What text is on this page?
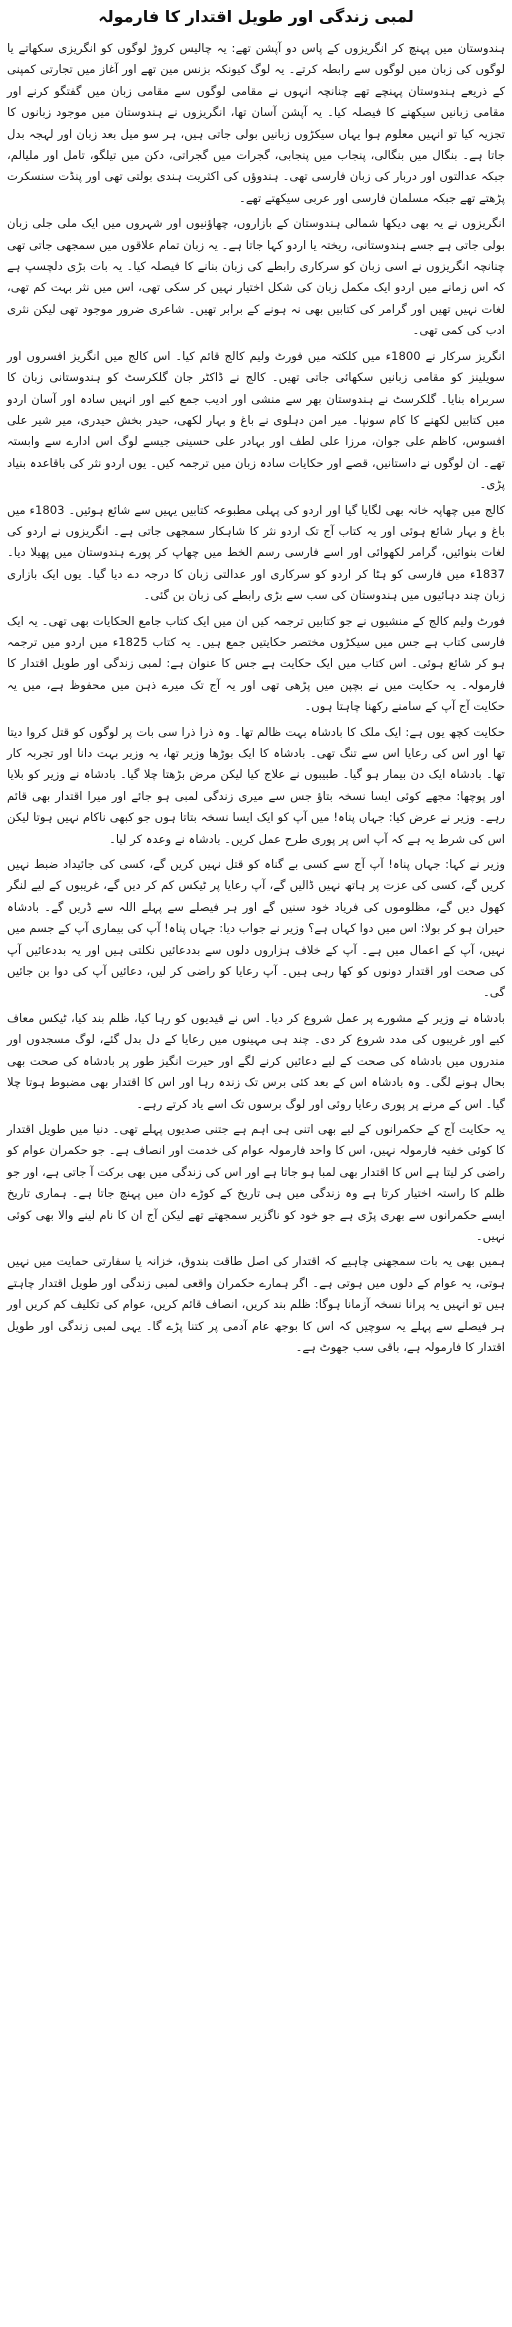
لمبی زندگی اور طویل اقتدار کا فارمولہ

ہندوستان میں پہنچ کر انگریزوں کے پاس دو آپشن تھے: یہ چالیس کروڑ لوگوں کو انگریزی سکھاتے یا لوگوں کی زبان میں لوگوں سے رابطہ کرتے۔ یہ لوگ کیونکہ بزنس مین تھے اور آغاز میں تجارتی کمپنی کے ذریعے ہندوستان پہنچے تھے چنانچہ انہوں نے مقامی لوگوں سے مقامی زبان میں گفتگو کرنے اور مقامی زبانیں سیکھنے کا فیصلہ کیا۔ یہ آپشن آسان تھا، انگریزوں نے ہندوستان میں موجود زبانوں کا تجزیہ کیا تو انہیں معلوم ہوا یہاں سیکڑوں زبانیں بولی جاتی ہیں، ہر سو میل بعد زبان اور لہجہ بدل جاتا ہے۔ بنگال میں بنگالی، پنجاب میں پنجابی، گجرات میں گجراتی، دکن میں تیلگو، تامل اور ملیالم، جبکہ عدالتوں اور دربار کی زبان فارسی تھی۔ ہندوؤں کی اکثریت ہندی بولتی تھی اور پنڈت سنسکرت پڑھتے تھے جبکہ مسلمان فارسی اور عربی سیکھتے تھے۔

انگریزوں نے یہ بھی دیکھا شمالی ہندوستان کے بازاروں، چھاؤنیوں اور شہروں میں ایک ملی جلی زبان بولی جاتی ہے جسے ہندوستانی، ریختہ یا اردو کہا جاتا ہے۔ یہ زبان تمام علاقوں میں سمجھی جاتی تھی چنانچہ انگریزوں نے اسی زبان کو سرکاری رابطے کی زبان بنانے کا فیصلہ کیا۔ یہ بات بڑی دلچسپ ہے کہ اس زمانے میں اردو ایک مکمل زبان کی شکل اختیار نہیں کر سکی تھی، اس میں نثر بہت کم تھی، لغات نہیں تھیں اور گرامر کی کتابیں بھی نہ ہونے کے برابر تھیں۔ شاعری ضرور موجود تھی لیکن نثری ادب کی کمی تھی۔

انگریز سرکار نے 1800ء میں کلکتہ میں فورٹ ولیم کالج قائم کیا۔ اس کالج میں انگریز افسروں اور سویلینز کو مقامی زبانیں سکھائی جاتی تھیں۔ کالج نے ڈاکٹر جان گلکرسٹ کو ہندوستانی زبان کا سربراہ بنایا۔ گلکرسٹ نے ہندوستان بھر سے منشی اور ادیب جمع کیے اور انہیں سادہ اور آسان اردو میں کتابیں لکھنے کا کام سونپا۔ میر امن دہلوی نے باغ و بہار لکھی، حیدر بخش حیدری، میر شیر علی افسوس، کاظم علی جوان، مرزا علی لطف اور بہادر علی حسینی جیسے لوگ اس ادارے سے وابستہ تھے۔ ان لوگوں نے داستانیں، قصے اور حکایات سادہ زبان میں ترجمہ کیں۔ یوں اردو نثر کی باقاعدہ بنیاد پڑی۔

کالج میں چھاپہ خانہ بھی لگایا گیا اور اردو کی پہلی مطبوعہ کتابیں یہیں سے شائع ہوئیں۔ 1803ء میں باغ و بہار شائع ہوئی اور یہ کتاب آج تک اردو نثر کا شاہکار سمجھی جاتی ہے۔ انگریزوں نے اردو کی لغات بنوائیں، گرامر لکھوائی اور اسے فارسی رسم الخط میں چھاپ کر پورے ہندوستان میں پھیلا دیا۔ 1837ء میں فارسی کو ہٹا کر اردو کو سرکاری اور عدالتی زبان کا درجہ دے دیا گیا۔ یوں ایک بازاری زبان چند دہائیوں میں ہندوستان کی سب سے بڑی رابطے کی زبان بن گئی۔

فورٹ ولیم کالج کے منشیوں نے جو کتابیں ترجمہ کیں ان میں ایک کتاب جامع الحکایات بھی تھی۔ یہ ایک فارسی کتاب ہے جس میں سیکڑوں مختصر حکایتیں جمع ہیں۔ یہ کتاب 1825ء میں اردو میں ترجمہ ہو کر شائع ہوئی۔ اس کتاب میں ایک حکایت ہے جس کا عنوان ہے: لمبی زندگی اور طویل اقتدار کا فارمولہ۔ یہ حکایت میں نے بچپن میں پڑھی تھی اور یہ آج تک میرے ذہن میں محفوظ ہے، میں یہ حکایت آج آپ کے سامنے رکھنا چاہتا ہوں۔

حکایت کچھ یوں ہے: ایک ملک کا بادشاہ بہت ظالم تھا۔ وہ ذرا ذرا سی بات پر لوگوں کو قتل کروا دیتا تھا اور اس کی رعایا اس سے تنگ تھی۔ بادشاہ کا ایک بوڑھا وزیر تھا، یہ وزیر بہت دانا اور تجربہ کار تھا۔ بادشاہ ایک دن بیمار ہو گیا۔ طبیبوں نے علاج کیا لیکن مرض بڑھتا چلا گیا۔ بادشاہ نے وزیر کو بلایا اور پوچھا: مجھے کوئی ایسا نسخہ بتاؤ جس سے میری زندگی لمبی ہو جائے اور میرا اقتدار بھی قائم رہے۔ وزیر نے عرض کیا: جہاں پناہ! میں آپ کو ایک ایسا نسخہ بتاتا ہوں جو کبھی ناکام نہیں ہوتا لیکن اس کی شرط یہ ہے کہ آپ اس پر پوری طرح عمل کریں۔ بادشاہ نے وعدہ کر لیا۔

وزیر نے کہا: جہاں پناہ! آپ آج سے کسی بے گناہ کو قتل نہیں کریں گے، کسی کی جائیداد ضبط نہیں کریں گے، کسی کی عزت پر ہاتھ نہیں ڈالیں گے، آپ رعایا پر ٹیکس کم کر دیں گے، غریبوں کے لیے لنگر کھول دیں گے، مظلوموں کی فریاد خود سنیں گے اور ہر فیصلے سے پہلے اللہ سے ڈریں گے۔ بادشاہ حیران ہو کر بولا: اس میں دوا کہاں ہے؟ وزیر نے جواب دیا: جہاں پناہ! آپ کی بیماری آپ کے جسم میں نہیں، آپ کے اعمال میں ہے۔ آپ کے خلاف ہزاروں دلوں سے بددعائیں نکلتی ہیں اور یہ بددعائیں آپ کی صحت اور اقتدار دونوں کو کھا رہی ہیں۔ آپ رعایا کو راضی کر لیں، دعائیں آپ کی دوا بن جائیں گی۔

بادشاہ نے وزیر کے مشورے پر عمل شروع کر دیا۔ اس نے قیدیوں کو رہا کیا، ظلم بند کیا، ٹیکس معاف کیے اور غریبوں کی مدد شروع کر دی۔ چند ہی مہینوں میں رعایا کے دل بدل گئے، لوگ مسجدوں اور مندروں میں بادشاہ کی صحت کے لیے دعائیں کرنے لگے اور حیرت انگیز طور پر بادشاہ کی صحت بھی بحال ہونے لگی۔ وہ بادشاہ اس کے بعد کئی برس تک زندہ رہا اور اس کا اقتدار بھی مضبوط ہوتا چلا گیا۔ اس کے مرنے پر پوری رعایا روئی اور لوگ برسوں تک اسے یاد کرتے رہے۔

یہ حکایت آج کے حکمرانوں کے لیے بھی اتنی ہی اہم ہے جتنی صدیوں پہلے تھی۔ دنیا میں طویل اقتدار کا کوئی خفیہ فارمولہ نہیں، اس کا واحد فارمولہ عوام کی خدمت اور انصاف ہے۔ جو حکمران عوام کو راضی کر لیتا ہے اس کا اقتدار بھی لمبا ہو جاتا ہے اور اس کی زندگی میں بھی برکت آ جاتی ہے، اور جو ظلم کا راستہ اختیار کرتا ہے وہ زندگی میں ہی تاریخ کے کوڑے دان میں پہنچ جاتا ہے۔ ہماری تاریخ ایسے حکمرانوں سے بھری پڑی ہے جو خود کو ناگزیر سمجھتے تھے لیکن آج ان کا نام لینے والا بھی کوئی نہیں۔

ہمیں بھی یہ بات سمجھنی چاہیے کہ اقتدار کی اصل طاقت بندوق، خزانہ یا سفارتی حمایت میں نہیں ہوتی، یہ عوام کے دلوں میں ہوتی ہے۔ اگر ہمارے حکمران واقعی لمبی زندگی اور طویل اقتدار چاہتے ہیں تو انہیں یہ پرانا نسخہ آزمانا ہوگا: ظلم بند کریں، انصاف قائم کریں، عوام کی تکلیف کم کریں اور ہر فیصلے سے پہلے یہ سوچیں کہ اس کا بوجھ عام آدمی پر کتنا پڑے گا۔ یہی لمبی زندگی اور طویل اقتدار کا فارمولہ ہے، باقی سب جھوٹ ہے۔
